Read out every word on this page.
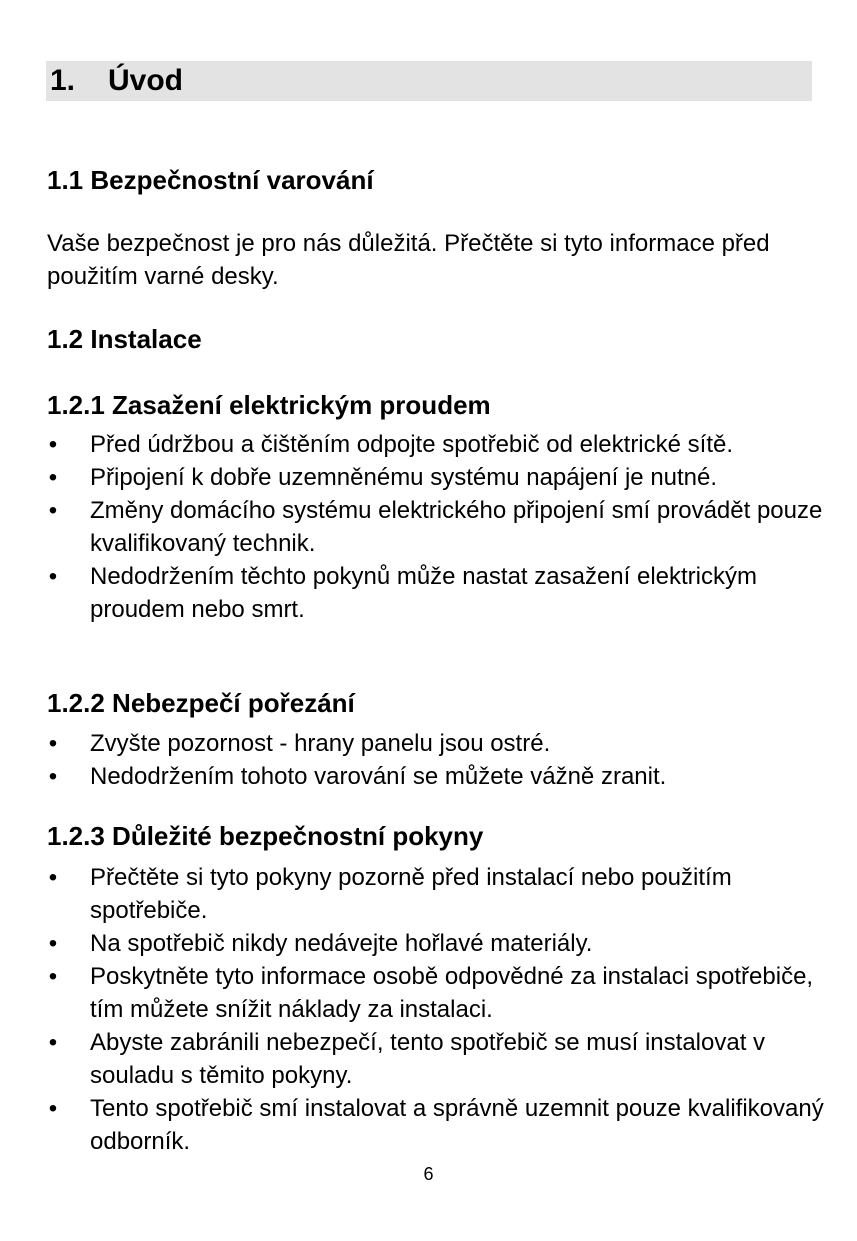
1. Úvod
1.1 Bezpečnostní varování
Vaše bezpečnost je pro nás důležitá. Přečtěte si tyto informace před použitím varné desky.
1.2 Instalace
1.2.1 Zasažení elektrickým proudem
• Před údržbou a čištěním odpojte spotřebič od elektrické sítě.
• Připojení k dobře uzemněnému systému napájení je nutné.
• Změny domácího systému elektrického připojení smí provádět pouze kvalifikovaný technik.
• Nedodržením těchto pokynů může nastat zasažení elektrickým proudem nebo smrt.
1.2.2 Nebezpečí pořezání
• Zvyšte pozornost - hrany panelu jsou ostré.
• Nedodržením tohoto varování se můžete vážně zranit.
1.2.3 Důležité bezpečnostní pokyny
• Přečtěte si tyto pokyny pozorně před instalací nebo použitím spotřebiče.
• Na spotřebič nikdy nedávejte hořlavé materiály.
• Poskytněte tyto informace osobě odpovědné za instalaci spotřebiče, tím můžete snížit náklady za instalaci.
• Abyste zabránili nebezpečí, tento spotřebič se musí instalovat v souladu s těmito pokyny.
• Tento spotřebič smí instalovat a správně uzemnit pouze kvalifikovaný odborník.
6
